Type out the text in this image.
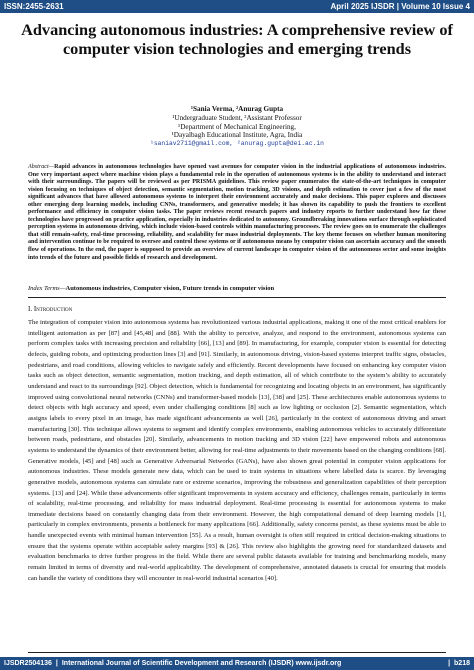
ISSN:2455-2631	April 2025 IJSDR | Volume 10 Issue 4
Advancing autonomous industries: A comprehensive review of computer vision technologies and emerging trends
¹Sania Verma, ²Anurag Gupta
¹Undergraduate Student, ²Assistant Professor
¹Department of Mechanical Engineering,
¹Dayalbagh Educational Institute, Agra, India
¹saniav2711@gmail.com, ²anurag.gupta@dei.ac.in
Abstract—Rapid advances in autonomous technologies have opened vast avenues for computer vision in the industrial applications of autonomous industries. One very important aspect where machine vision plays a fundamental role in the operation of autonomous systems is in the ability to understand and interact with their surroundings. The papers will be reviewed as per PRISMA guidelines. This review paper enumerates the state-of-the-art techniques in computer vision focusing on techniques of object detection, semantic segmentation, motion tracking, 3D visions, and depth estimation to cover just a few of the most significant advances that have allowed autonomous systems to interpret their environment accurately and make decisions. This paper explores and discusses other emerging deep learning models, including CNNs, transformers, and generative models; it has shown its capability to push the frontiers to excellent performance and efficiency in computer vision tasks. The paper reviews recent research papers and industry reports to further understand how far these technologies have progressed on practice application, especially in industries dedicated to autonomy. Groundbreaking innovations surface through sophisticated perception systems in autonomous driving, which include vision-based controls within manufacturing processes. The review goes on to enumerate the challenges that still remain-safety, real-time processing, reliability, and scalability for mass industrial deployments. The key theme focuses on whether human monitoring and intervention continue to be required to oversee and control these systems or if autonomous means by computer vision can ascertain accuracy and the smooth flow of operations. In the end, the paper is supposed to provide an overview of current landscape in computer vision of the autonomous sector and some insights into trends of the future and possible fields of research and development.
Index Terms—Autonomous industries, Computer vision, Future trends in computer vision
I. Introduction
The integration of computer vision into autonomous systems has revolutionized various industrial applications, making it one of the most critical enablers for intelligent automation as per [87] and [45,48] and [88]. With the ability to perceive, analyze, and respond to the environment, autonomous systems can perform complex tasks with increasing precision and reliability [66], [13] and [89]. In manufacturing, for example, computer vision is essential for detecting defects, guiding robots, and optimizing production lines [3] and [91]. Similarly, in autonomous driving, vision-based systems interpret traffic signs, obstacles, pedestrians, and road conditions, allowing vehicles to navigate safely and efficiently. Recent developments have focused on enhancing key computer vision tasks such as object detection, semantic segmentation, motion tracking, and depth estimation, all of which contribute to the system’s ability to accurately understand and react to its surroundings [92]. Object detection, which is fundamental for recognizing and locating objects in an environment, has significantly improved using convolutional neural networks (CNNs) and transformer-based models [13], [38] and [25]. These architectures enable autonomous systems to detect objects with high accuracy and speed, even under challenging conditions [8] such as low lighting or occlusion [2]. Semantic segmentation, which assigns labels to every pixel in an image, has made significant advancements as well [26], particularly in the context of autonomous driving and smart manufacturing [30]. This technique allows systems to segment and identify complex environments, enabling autonomous vehicles to accurately differentiate between roads, pedestrians, and obstacles [20]. Similarly, advancements in motion tracking and 3D vision [22] have empowered robots and autonomous systems to understand the dynamics of their environment better, allowing for real-time adjustments to their movements based on the changing conditions [68]. Generative models, [45] and [48] such as Generative Adversarial Networks (GANs), have also shown great potential in computer vision applications for autonomous industries. These models generate new data, which can be used to train systems in situations where labelled data is scarce. By leveraging generative models, autonomous systems can simulate rare or extreme scenarios, improving the robustness and generalization capabilities of their perception systems. [13] and [24]. While these advancements offer significant improvements in system accuracy and efficiency, challenges remain, particularly in terms of scalability, real-time processing, and reliability for mass industrial deployment. Real-time processing is essential for autonomous systems to make immediate decisions based on constantly changing data from their environment. However, the high computational demand of deep learning models [1], particularly in complex environments, presents a bottleneck for many applications [66]. Additionally, safety concerns persist, as these systems must be able to handle unexpected events with minimal human intervention [55]. As a result, human oversight is often still required in critical decision-making situations to ensure that the systems operate within acceptable safety margins [93] & [26]. This review also highlights the growing need for standardized datasets and evaluation benchmarks to drive further progress in the field. While there are several public datasets available for training and benchmarking models, many remain limited in terms of diversity and real-world applicability. The development of comprehensive, annotated datasets is crucial for ensuring that models can handle the variety of conditions they will encounter in real-world industrial scenarios [40].
IJSDR2504136 | International Journal of Scientific Development and Research (IJSDR) www.ijsdr.org	| b218
